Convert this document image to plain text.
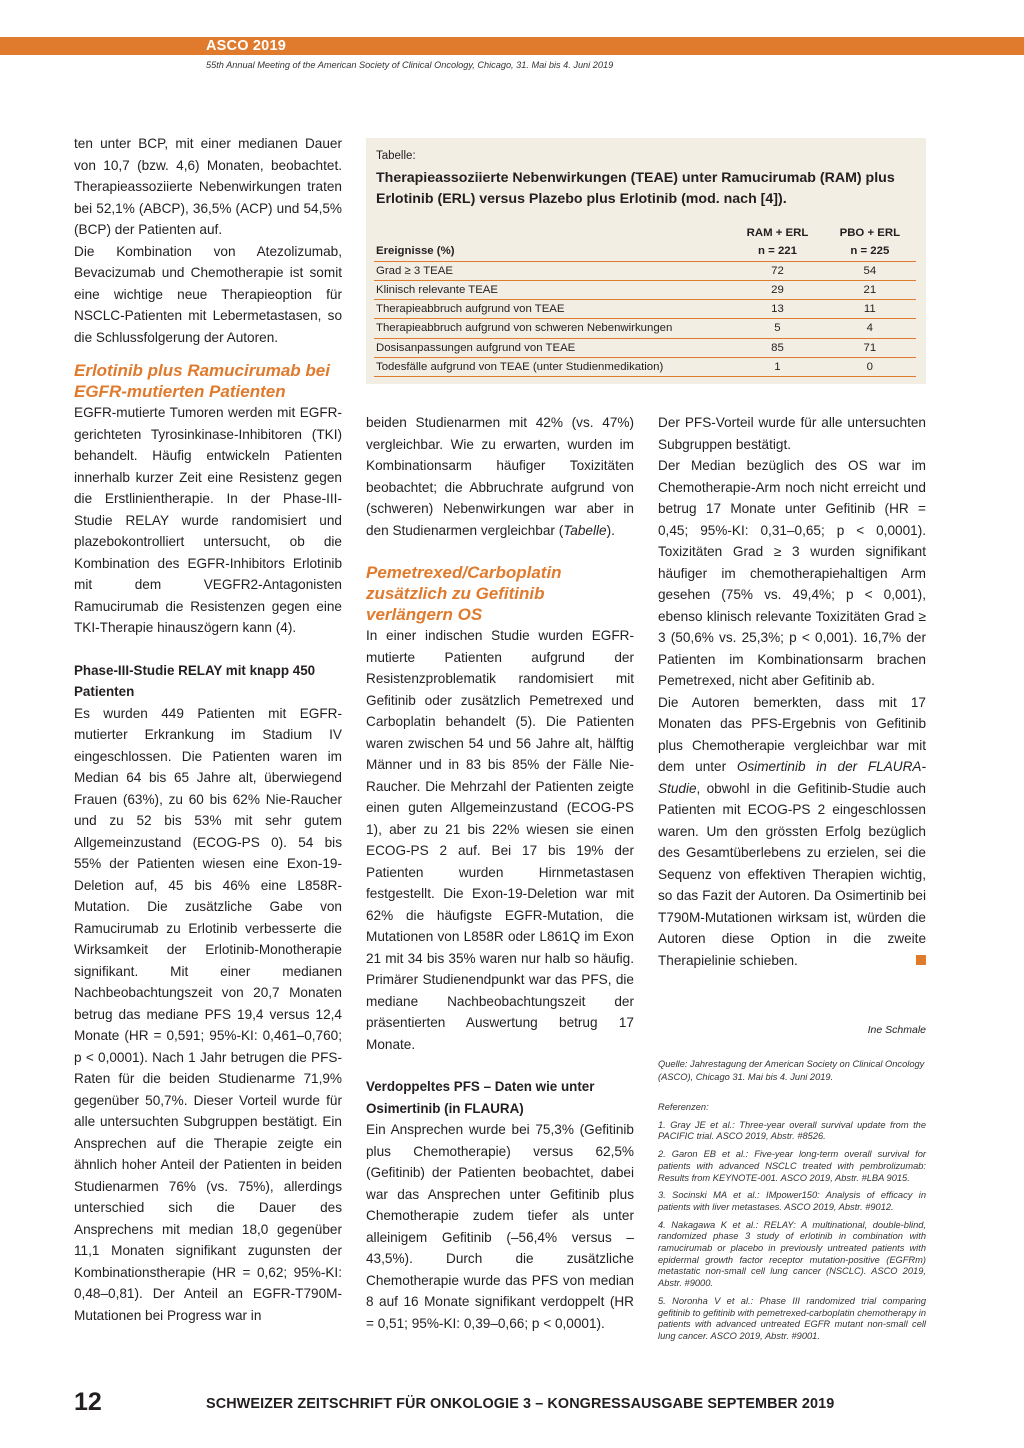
ASCO 2019
55th Annual Meeting of the American Society of Clinical Oncology, Chicago, 31. Mai bis 4. Juni 2019

ten unter BCP, mit einer medianen Dauer von 10,7 (bzw. 4,6) Monaten, beobachtet. Therapieassoziierte Nebenwirkungen traten bei 52,1% (ABCP), 36,5% (ACP) und 54,5% (BCP) der Patienten auf.

Die Kombination von Atezolizumab, Bevacizumab und Chemotherapie ist somit eine wichtige neue Therapieoption für NSCLC-Patienten mit Lebermetastasen, so die Schlussfolgerung der Autoren.

Erlotinib plus Ramucirumab bei EGFR-mutierten Patienten

EGFR-mutierte Tumoren werden mit EGFR-gerichteten Tyrosinkinase-Inhibitoren (TKI) behandelt. Häufig entwickeln Patienten innerhalb kurzer Zeit eine Resistenz gegen die Erstlinientherapie. In der Phase-III-Studie RELAY wurde randomisiert und plazebokontrolliert untersucht, ob die Kombination des EGFR-Inhibitors Erlotinib mit dem VEGFR2-Antagonisten Ramucirumab die Resistenzen gegen eine TKI-Therapie hinauszögern kann (4).

Phase-III-Studie RELAY mit knapp 450 Patienten

Es wurden 449 Patienten mit EGFR-mutierter Erkrankung im Stadium IV eingeschlossen. Die Patienten waren im Median 64 bis 65 Jahre alt, überwiegend Frauen (63%), zu 60 bis 62% Nie-Raucher und zu 52 bis 53% mit sehr gutem Allgemeinzustand (ECOG-PS 0). 54 bis 55% der Patienten wiesen eine Exon-19-Deletion auf, 45 bis 46% eine L858R-Mutation. Die zusätzliche Gabe von Ramucirumab zu Erlotinib verbesserte die Wirksamkeit der Erlotinib-Monotherapie signifikant. Mit einer medianen Nachbeobachtungszeit von 20,7 Monaten betrug das mediane PFS 19,4 versus 12,4 Monate (HR = 0,591; 95%-KI: 0,461–0,760; p < 0,0001). Nach 1 Jahr betrugen die PFS-Raten für die beiden Studienarme 71,9% gegenüber 50,7%. Dieser Vorteil wurde für alle untersuchten Subgruppen bestätigt. Ein Ansprechen auf die Therapie zeigte ein ähnlich hoher Anteil der Patienten in beiden Studienarmen 76% (vs. 75%), allerdings unterschied sich die Dauer des Ansprechens mit median 18,0 gegenüber 11,1 Monaten signifikant zugunsten der Kombinationstherapie (HR = 0,62; 95%-KI: 0,48–0,81). Der Anteil an EGFR-T790M-Mutationen bei Progress war in

Tabelle:
Therapieassoziierte Nebenwirkungen (TEAE) unter Ramucirumab (RAM) plus Erlotinib (ERL) versus Plazebo plus Erlotinib (mod. nach [4]).
	RAM + ERL	PBO + ERL
Ereignisse (%)	n = 221	n = 225
Grad ≥ 3 TEAE	72	54
Klinisch relevante TEAE	29	21
Therapieabbruch aufgrund von TEAE	13	11
Therapieabbruch aufgrund von schweren Nebenwirkungen	5	4
Dosisanpassungen aufgrund von TEAE	85	71
Todesfälle aufgrund von TEAE (unter Studienmedikation)	1	0

beiden Studienarmen mit 42% (vs. 47%) vergleichbar. Wie zu erwarten, wurden im Kombinationsarm häufiger Toxizitäten beobachtet; die Abbruchrate aufgrund von (schweren) Nebenwirkungen war aber in den Studienarmen vergleichbar (Tabelle).

Pemetrexed/Carboplatin zusätzlich zu Gefitinib verlängern OS

In einer indischen Studie wurden EGFR-mutierte Patienten aufgrund der Resistenzproblematik randomisiert mit Gefitinib oder zusätzlich Pemetrexed und Carboplatin behandelt (5). Die Patienten waren zwischen 54 und 56 Jahre alt, hälftig Männer und in 83 bis 85% der Fälle Nie-Raucher. Die Mehrzahl der Patienten zeigte einen guten Allgemeinzustand (ECOG-PS 1), aber zu 21 bis 22% wiesen sie einen ECOG-PS 2 auf. Bei 17 bis 19% der Patienten wurden Hirnmetastasen festgestellt. Die Exon-19-Deletion war mit 62% die häufigste EGFR-Mutation, die Mutationen von L858R oder L861Q im Exon 21 mit 34 bis 35% waren nur halb so häufig. Primärer Studienendpunkt war das PFS, die mediane Nachbeobachtungszeit der präsentierten Auswertung betrug 17 Monate.

Verdoppeltes PFS – Daten wie unter Osimertinib (in FLAURA)

Ein Ansprechen wurde bei 75,3% (Gefitinib plus Chemotherapie) versus 62,5% (Gefitinib) der Patienten beobachtet, dabei war das Ansprechen unter Gefitinib plus Chemotherapie zudem tiefer als unter alleinigem Gefitinib (–56,4% versus –43,5%). Durch die zusätzliche Chemotherapie wurde das PFS von median 8 auf 16 Monate signifikant verdoppelt (HR = 0,51; 95%-KI: 0,39–0,66; p < 0,0001).

Der PFS-Vorteil wurde für alle untersuchten Subgruppen bestätigt.

Der Median bezüglich des OS war im Chemotherapie-Arm noch nicht erreicht und betrug 17 Monate unter Gefitinib (HR = 0,45; 95%-KI: 0,31–0,65; p < 0,0001). Toxizitäten Grad ≥ 3 wurden signifikant häufiger im chemotherapiehaltigen Arm gesehen (75% vs. 49,4%; p < 0,001), ebenso klinisch relevante Toxizitäten Grad ≥ 3 (50,6% vs. 25,3%; p < 0,001). 16,7% der Patienten im Kombinationsarm brachen Pemetrexed, nicht aber Gefitinib ab.

Die Autoren bemerkten, dass mit 17 Monaten das PFS-Ergebnis von Gefitinib plus Chemotherapie vergleichbar war mit dem unter Osimertinib in der FLAURA-Studie, obwohl in die Gefitinib-Studie auch Patienten mit ECOG-PS 2 eingeschlossen waren. Um den grössten Erfolg bezüglich des Gesamtüberlebens zu erzielen, sei die Sequenz von effektiven Therapien wichtig, so das Fazit der Autoren. Da Osimertinib bei T790M-Mutationen wirksam ist, würden die Autoren diese Option in die zweite Therapielinie schieben.

Ine Schmale
Quelle: Jahrestagung der American Society on Clinical Oncology (ASCO), Chicago 31. Mai bis 4. Juni 2019.
Referenzen:
1. Gray JE et al.: Three-year overall survival update from the PACIFIC trial. ASCO 2019, Abstr. #8526.
2. Garon EB et al.: Five-year long-term overall survival for patients with advanced NSCLC treated with pembrolizumab: Results from KEYNOTE-001. ASCO 2019, Abstr. #LBA 9015.
3. Socinski MA et al.: IMpower150: Analysis of efficacy in patients with liver metastases. ASCO 2019, Abstr. #9012.
4. Nakagawa K et al.: RELAY: A multinational, double-blind, randomized phase 3 study of erlotinib in combination with ramucirumab or placebo in previously untreated patients with epidermal growth factor receptor mutation-positive (EGFRm) metastatic non-small cell lung cancer (NSCLC). ASCO 2019, Abstr. #9000.
5. Noronha V et al.: Phase III randomized trial comparing gefitinib to gefitinib with pemetrexed-carboplatin chemotherapy in patients with advanced untreated EGFR mutant non-small cell lung cancer. ASCO 2019, Abstr. #9001.
12	SCHWEIZER ZEITSCHRIFT FÜR ONKOLOGIE 3 – KONGRESSAUSGABE SEPTEMBER 2019
